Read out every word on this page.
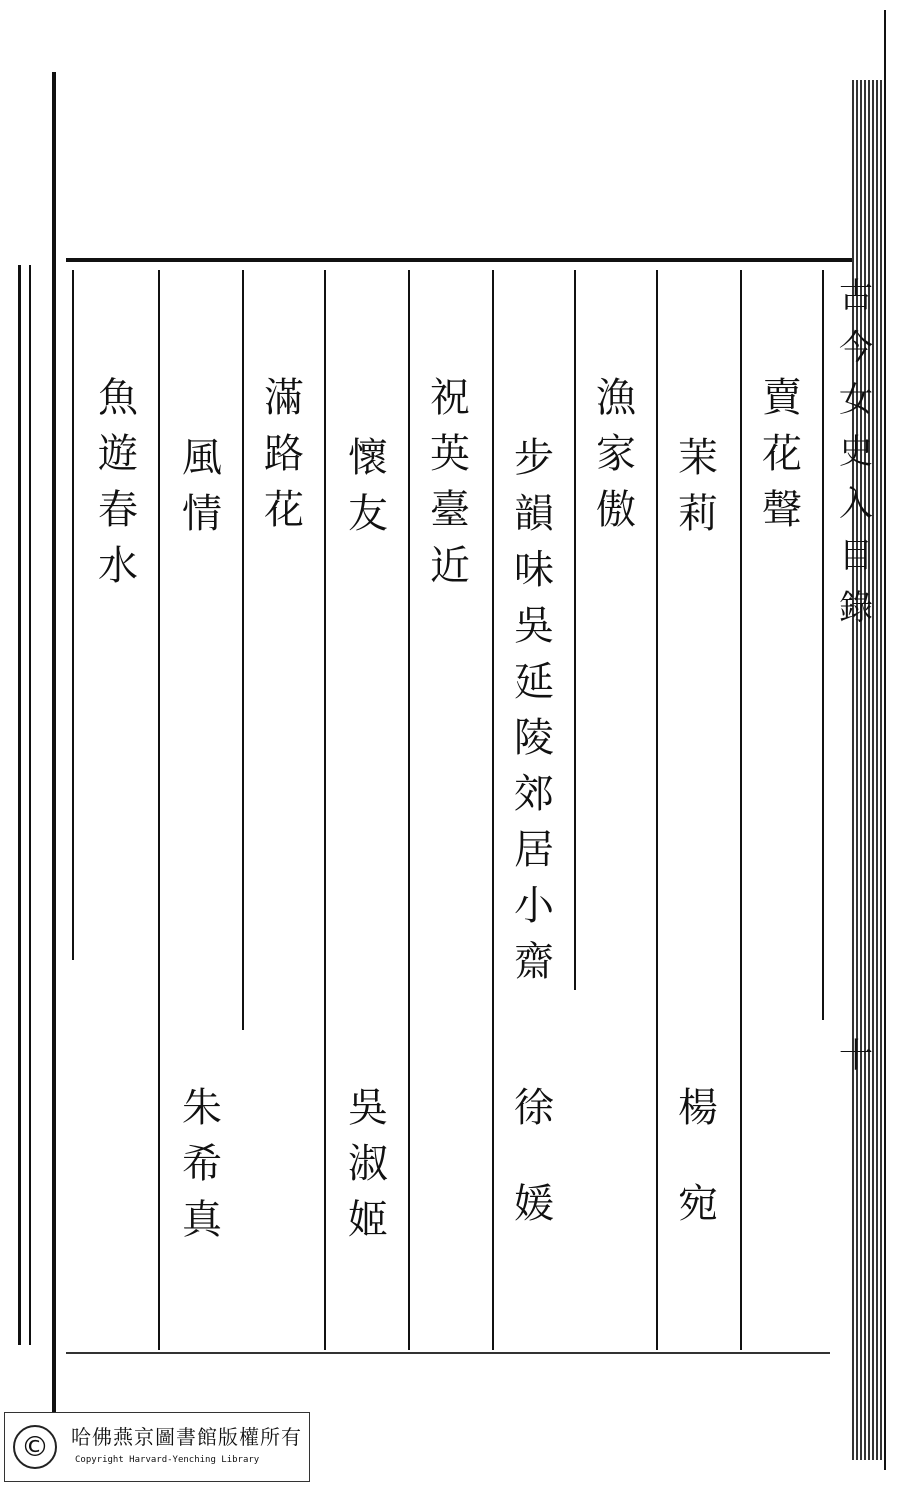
古
今
女
史
入
目
錄
十
賣
花
聲
茉
莉
楊
宛
漁
家
傲
步
韻
味
吳
延
陵
郊
居
小
齋
徐
媛
祝
英
臺
近
懷
友
吳
淑
姬
滿
路
花
風
情
朱
希
真
魚
遊
春
水
©	哈佛燕京圖書館版權所有
Copyright Harvard-Yenching Library
